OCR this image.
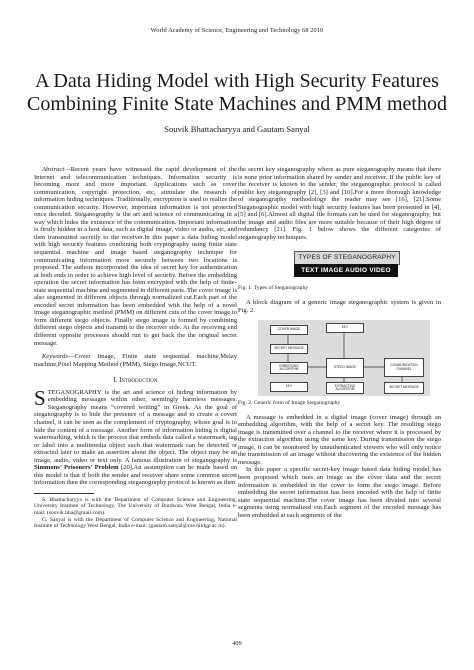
World Academy of Science, Engineering and Technology 68 2010
A Data Hiding Model with High Security Features
Combining Finite State Machines and PMM method
Souvik Bhattacharyya and Gautam Sanyal

Abstract—Recent years have witnessed the rapid development of the Internet and telecommunication techniques. Information security is becoming more and more important. Applications such as cover communication, copyright protection, etc, stimulate the research of information hiding techniques. Traditionally, encryption is used to realize the communication security. However, important information is not protected once decoded. Steganography is the art and science of communicating in a way which hides the existence of the communication. Important information is firstly hidden in a host data, such as digital image, video or audio, etc, and then transmitted secretly to the receiver.In this paper a data hiding model with high security features combining both cryptography using finite state sequential machine and image based steganography technique for communicating information more securely between two locations is proposed. The authors incorporated the idea of secret key for authentication at both ends in order to achieve high level of security. Before the embedding operation the secret information has been encrypted with the help of finite-state sequential machine and segmented in different parts. The cover image is also segmented in different objects through normalized cut.Each part of the encoded secret information has been embedded with the help of a novel image steganographic method (PMM) on different cuts of the cover image to form different stego objects. Finally stego image is formed by combining different stego objects and transmit to the receiver side. At the receiving end different opposite processes should run to get back the the original secret message.

Keywords—Cover Image, Finite state sequential machine,Melay machine,Pixel Mapping Method (PMM), Stego Image,NCUT.

I. Introduction

STEGANOGRAPHY is the art and science of hiding information by embedding messages within other, seemingly harmless messages. Steganography means “covered writing” in Greek. As the goal of steganography is to hide the presence of a message and to create a covert channel, it can be seen as the complement of cryptography, whose goal is to hide the content of a message. Another form of information hiding is digital watermarking, which is the process that embeds data called a watermark, tag or label into a multimedia object such that watermark can be detected or extracted later to make an assertion about the object. The object may be an image, audio, video or text only. A famous illustration of steganography is Simmons’ Prisoners’ Problem [20].An assumption can be made based on this model is that if both the sender and receiver share some common secret information then the corresponding steganography protocol is known as then

S. Bhattacharyya is with the Department of Computer Science and Engineering, University Institute of Technology, The University of Burdwan, West Bengal, India e-mail: (souvik.bha@gmail.com).

G. Sanyal is with the Department of Computer Science and Engineering, National Institute of Technology West Bengal, India e-mail: (gautam.sanyal@cse.nitdgp.ac.in).

the secret key steganography where as pure steganography means that there is none prior information shared by sender and receiver. If the public key of the receiver is known to the sender, the steganographic protocol is called public key steganography [2], [3] and [10].For a more thorough knowledge of steganography methodology the reader may see [16], [21].Some Steganographic model with high security features has been presented in [4], [5] and [6].Almost all digital file formats can be used for steganography, but the image and audio files are more suitable because of their high degree of redundancy [21]. Fig. 1 below shows the different categories of steganography techniques.

TYPES OF STEGANOGRAPHY
TEXT IMAGE AUDIO VIDEO

Fig. 1. Types of Steganography

A block diagram of a generic image steganographic system is given in Fig. 2.

COVER IMAGE
SECRET MESSAGE
EMBEDDING ALGORITHM
KEY
STEGO IMAGE
COMMUNICATION CHANNEL
EXTRACTING ALGORITHM	SECRET MESSAGE
KEY

Fig. 2. Generic form of Image Steganography

A message is embedded in a digital image (cover image) through an embedding algorithm, with the help of a secret key. The resulting stego image is transmitted over a channel to the receiver where it is processed by the extraction algorithm using the same key. During transmission the stego image, it can be monitored by unauthenticated viewers who will only notice the transmission of an image without discovering the existence of the hidden message.

In this paper a specific secret-key image based data hiding model has been proposed which uses an image as the cover data and the secret information is embedded in the cover to form the stego image. Before embedding the secret information has been encoded with the help of finite state sequential machine.The cover image has been divided into several segments using normalized cut.Each segment of the encoded message has been embedded at each segments of the

409
